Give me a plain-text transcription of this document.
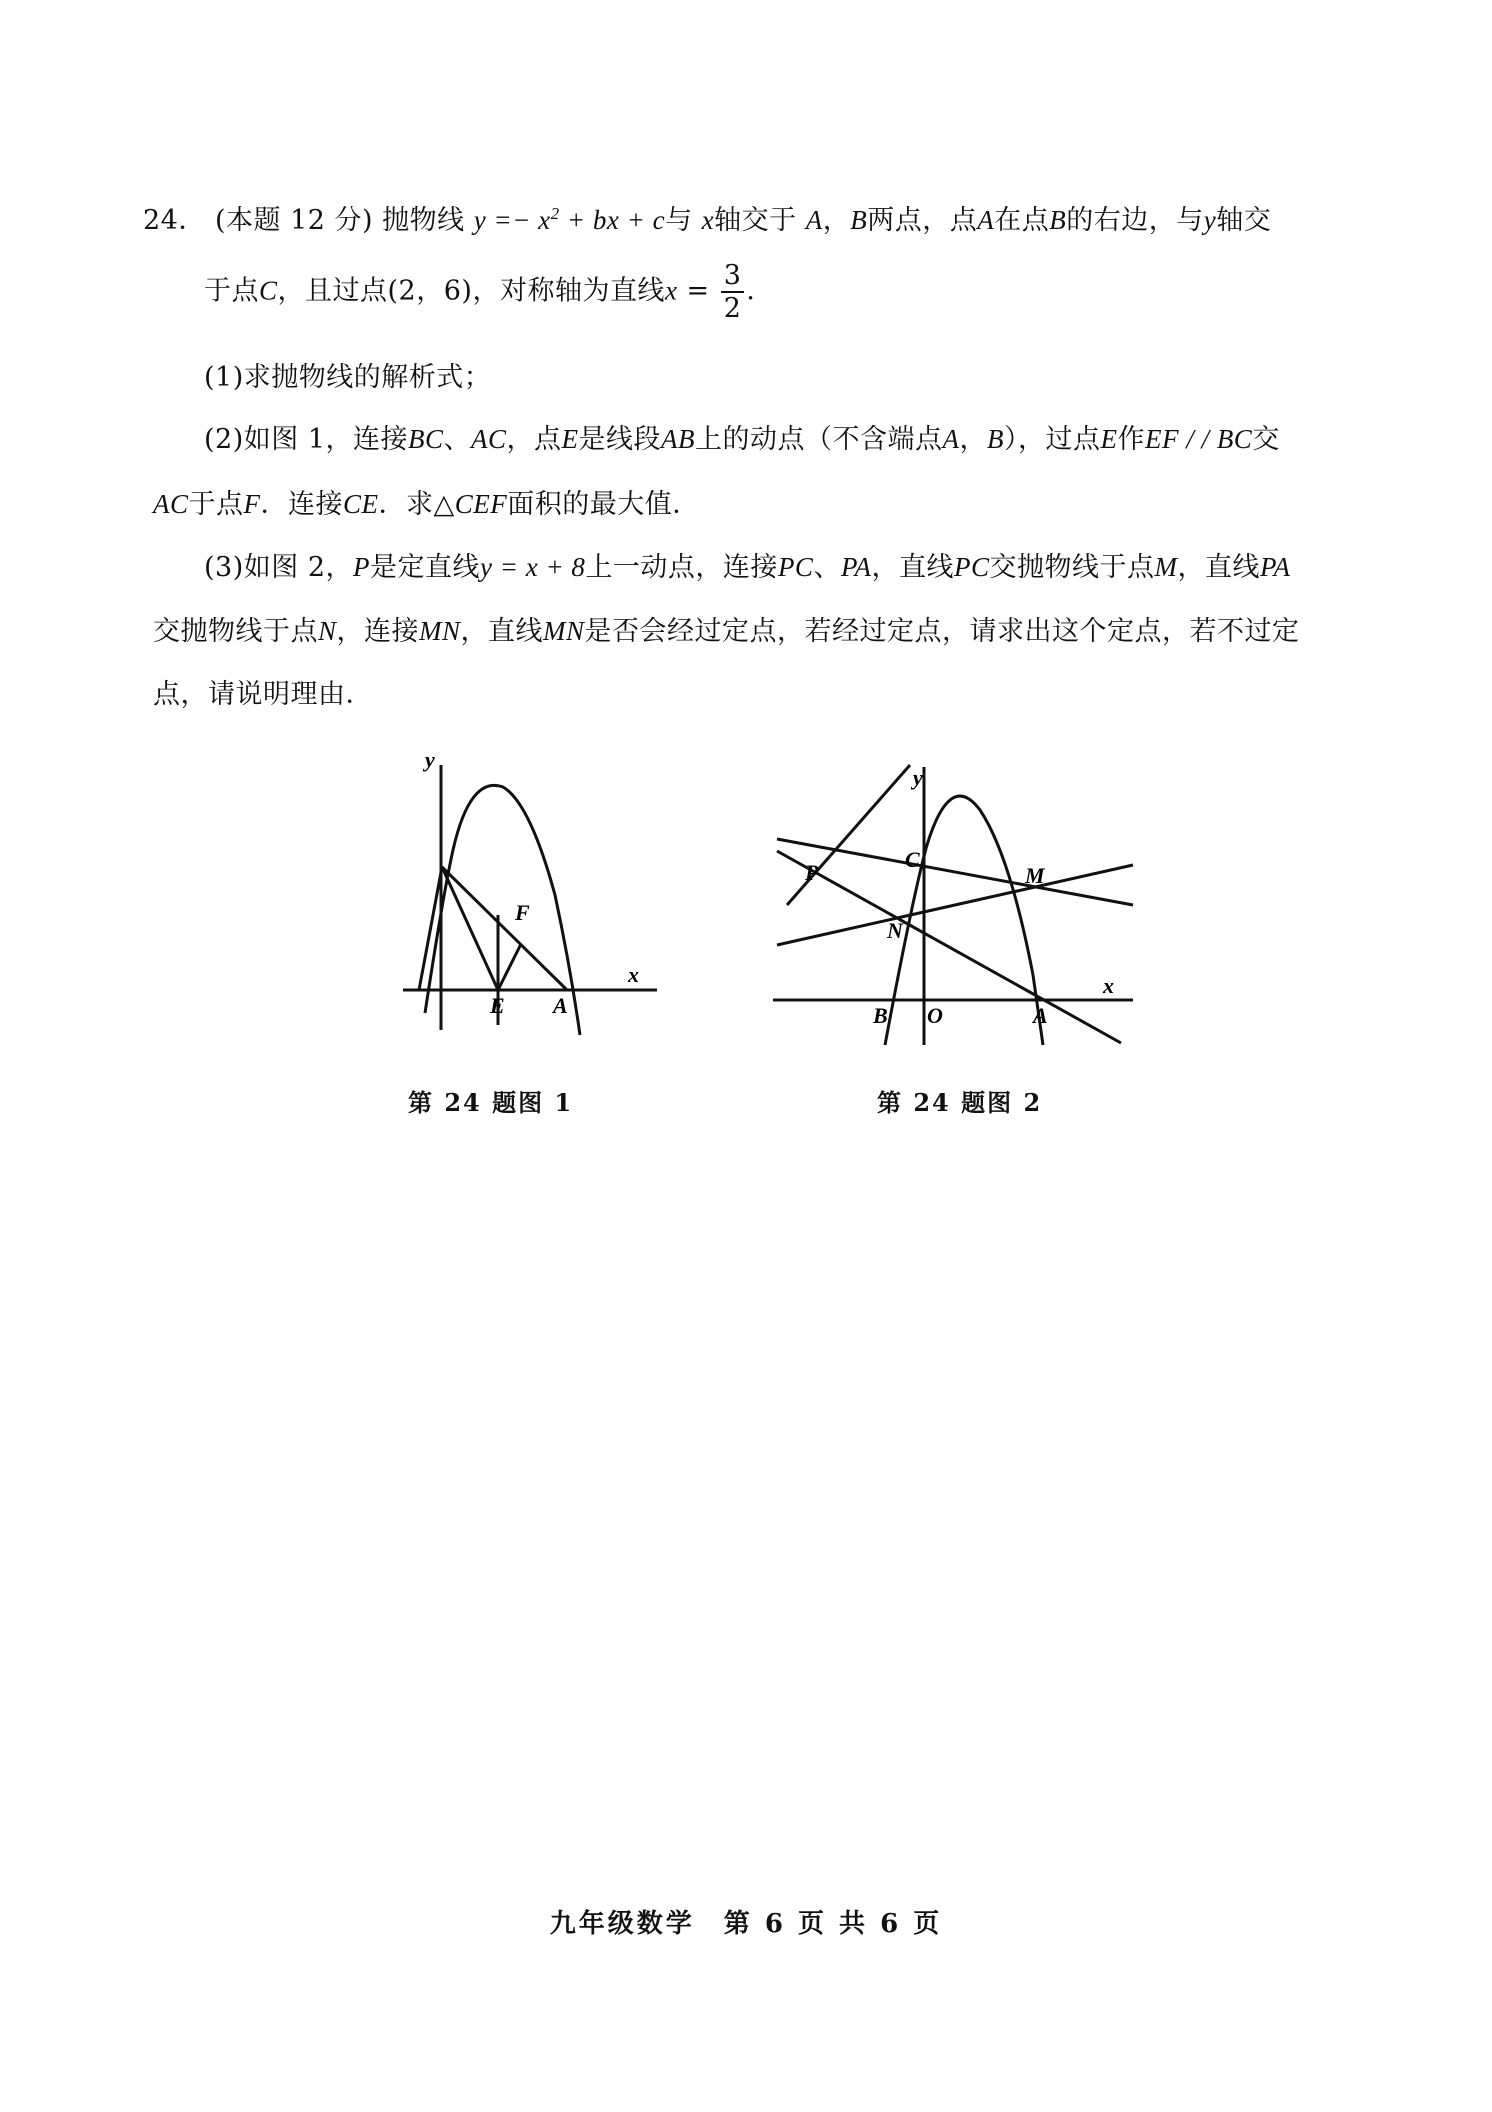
24． (本题 12 分) 抛物线 $y =- x^2$ + bx + c与 x轴交于 A，B两点，点A在点B的右边，与y轴交
于点C，且过点(2，6)，对称轴为直线$x = \frac{3}{2}$ ．
(1)求抛物线的解析式；
(2)如图 1，连接BC、AC，点E是线段AB上的动点（不含端点A，B），过点E作EF / / BC交
AC于点F．连接CE．求△CEF面积的最大值．
(3)如图 2，P是定直线y = x + 8上一动点，连接PC、PA，直线PC交抛物线于点M，直线PA
交抛物线于点N，连接MN，直线MN是否会经过定点，若经过定点，请求出这个定点，若不过定
点，请说明理由．
y
x
F
E A
y
x
P
C
M
N
B O	A
第 24 题图 1	第 24 题图 2
九年级数学　第 6 页 共 6 页
